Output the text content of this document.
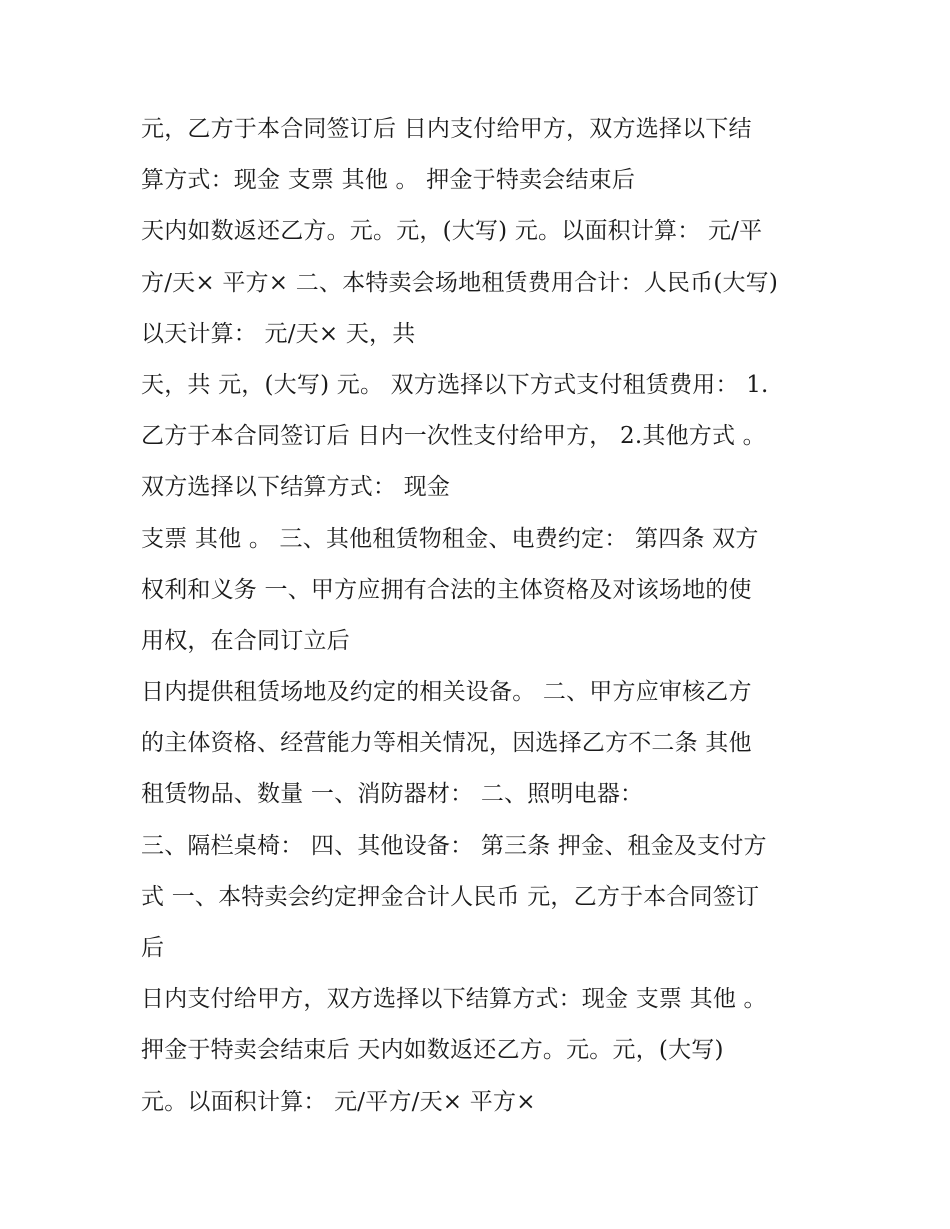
元，乙方于本合同签订后 日内支付给甲方，双方选择以下结
算方式：现金 支票 其他 。 押金于特卖会结束后
天内如数返还乙方。元。元，(大写) 元。以面积计算： 元/平
方/天× 平方× 二、本特卖会场地租赁费用合计：人民币(大写)
以天计算： 元/天× 天，共
天，共 元，(大写) 元。 双方选择以下方式支付租赁费用： 1.
乙方于本合同签订后 日内一次性支付给甲方， 2.其他方式 。
双方选择以下结算方式： 现金
支票 其他 。 三、其他租赁物租金、电费约定： 第四条 双方
权利和义务 一、甲方应拥有合法的主体资格及对该场地的使
用权，在合同订立后
日内提供租赁场地及约定的相关设备。 二、甲方应审核乙方
的主体资格、经营能力等相关情况，因选择乙方不二条 其他
租赁物品、数量 一、消防器材： 二、照明电器：
三、隔栏桌椅： 四、其他设备： 第三条 押金、租金及支付方
式 一、本特卖会约定押金合计人民币 元，乙方于本合同签订
后
日内支付给甲方，双方选择以下结算方式：现金 支票 其他 。
押金于特卖会结束后 天内如数返还乙方。元。元，(大写)
元。以面积计算： 元/平方/天× 平方×
